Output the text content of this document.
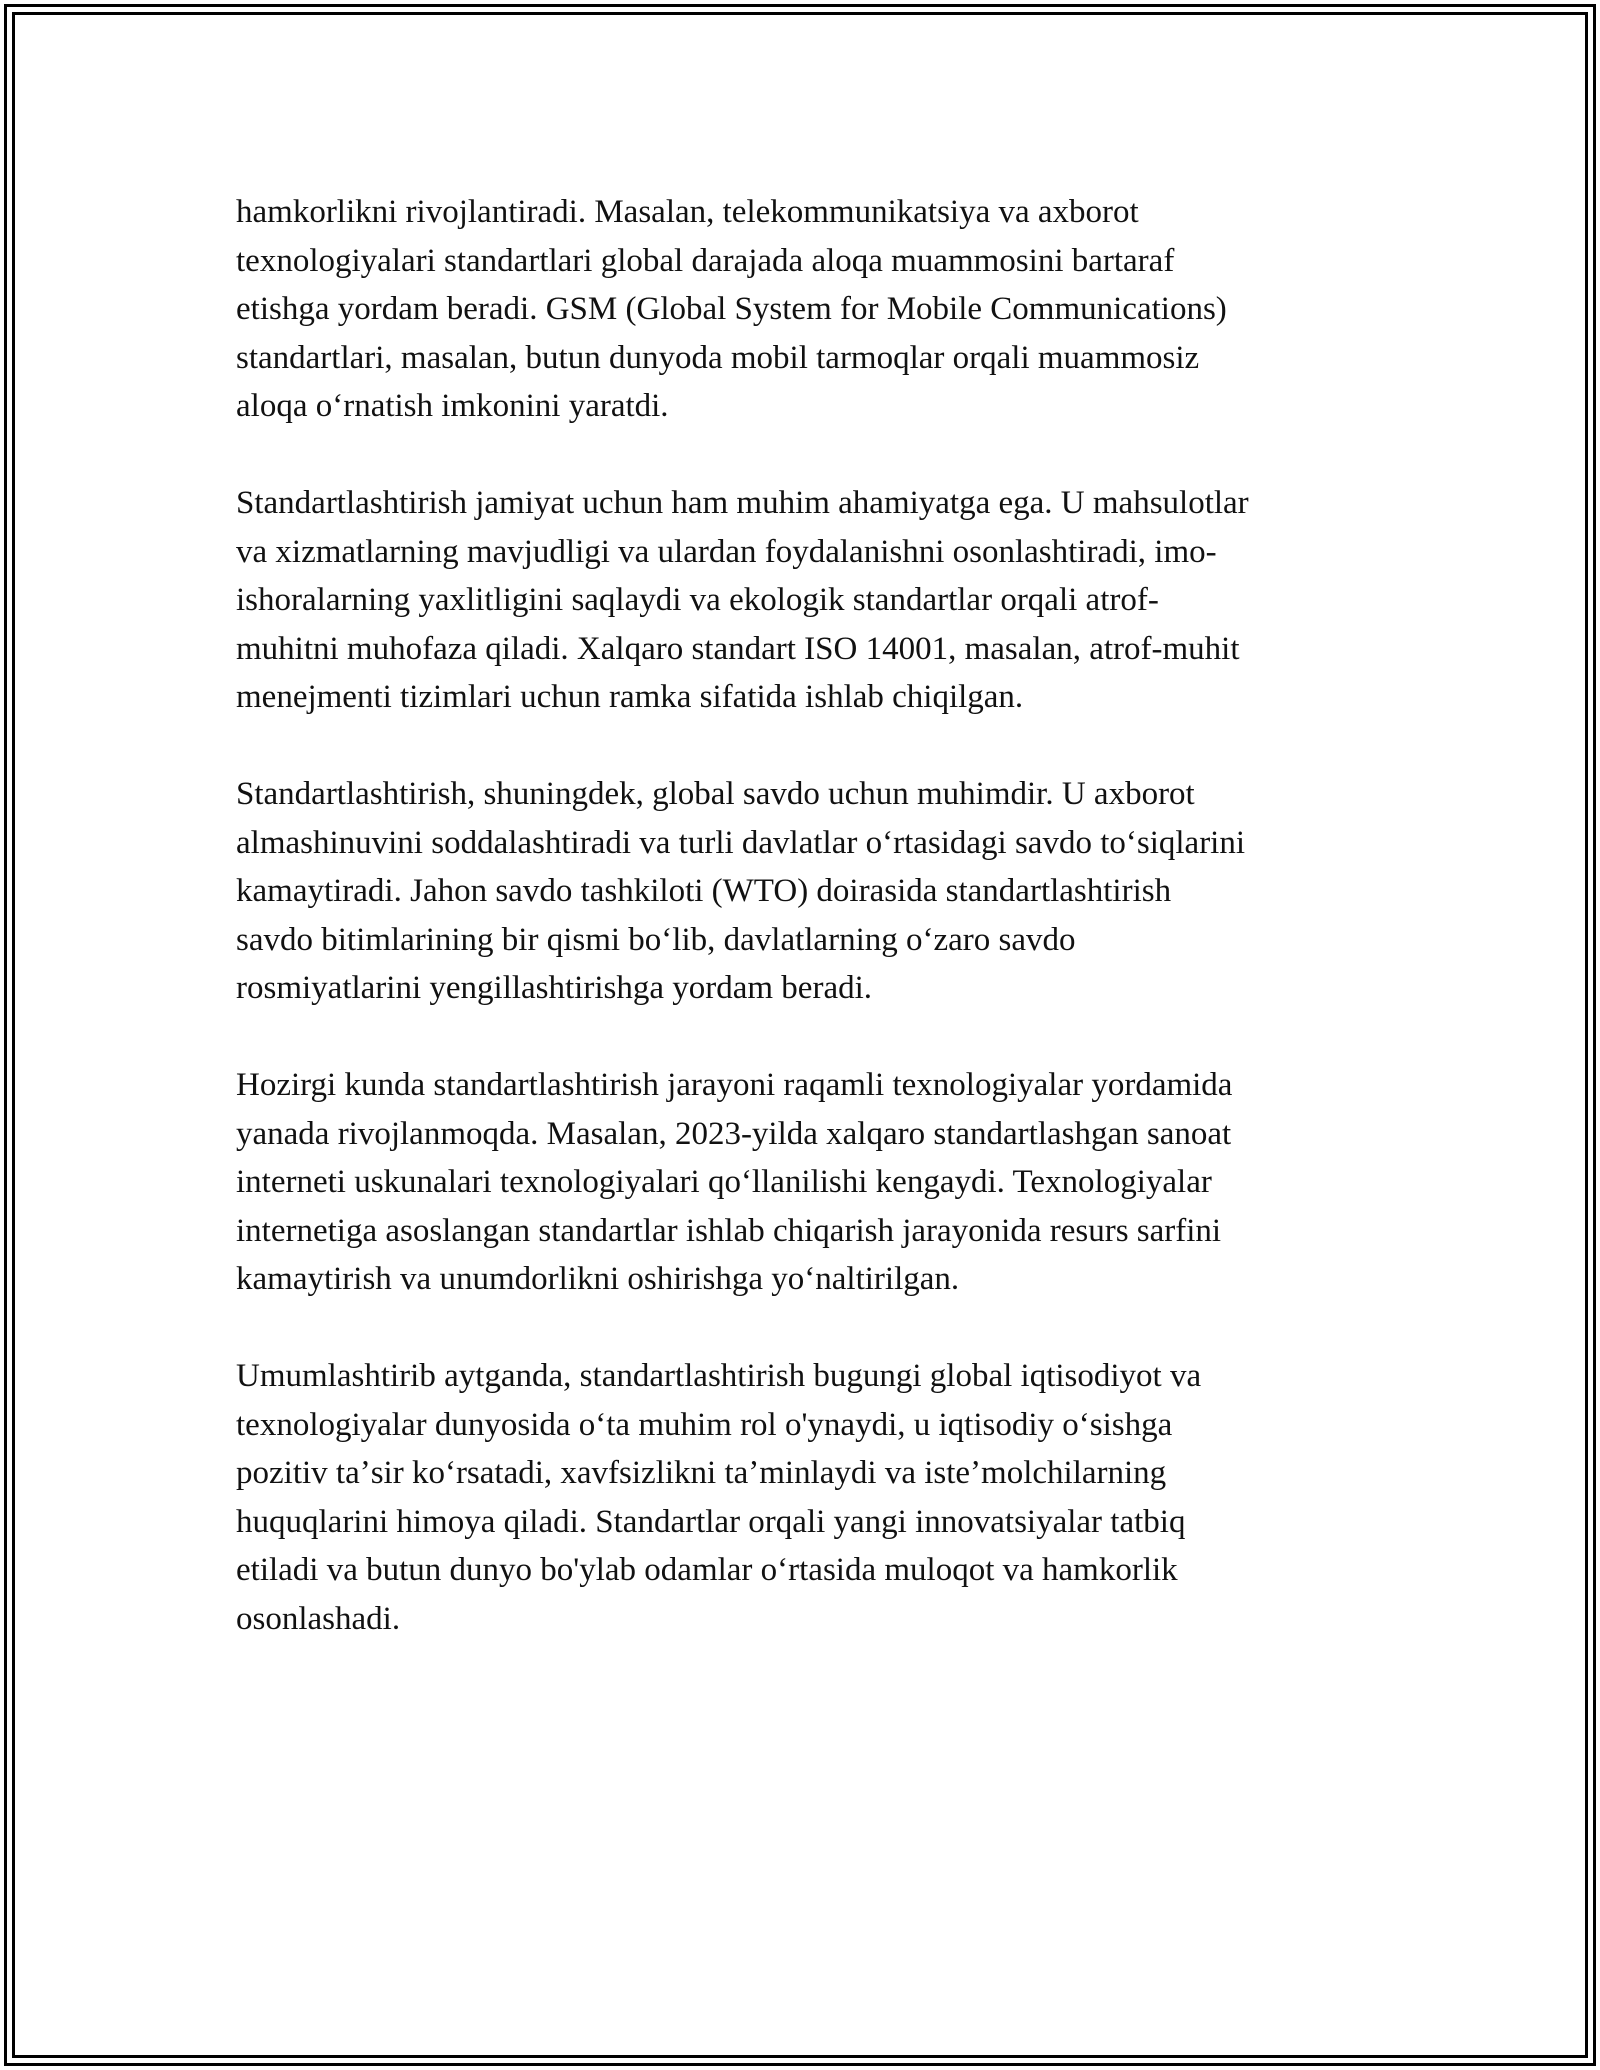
hamkorlikni rivojlantiradi. Masalan, telekommunikatsiya va axborot
texnologiyalari standartlari global darajada aloqa muammosini bartaraf
etishga yordam beradi. GSM (Global System for Mobile Communications)
standartlari, masalan, butun dunyoda mobil tarmoqlar orqali muammosiz
aloqa oʻrnatish imkonini yaratdi.

Standartlashtirish jamiyat uchun ham muhim ahamiyatga ega. U mahsulotlar
va xizmatlarning mavjudligi va ulardan foydalanishni osonlashtiradi, imo-
ishoralarning yaxlitligini saqlaydi va ekologik standartlar orqali atrof-
muhitni muhofaza qiladi. Xalqaro standart ISO 14001, masalan, atrof-muhit
menejmenti tizimlari uchun ramka sifatida ishlab chiqilgan.

Standartlashtirish, shuningdek, global savdo uchun muhimdir. U axborot
almashinuvini soddalashtiradi va turli davlatlar oʻrtasidagi savdo toʻsiqlarini
kamaytiradi. Jahon savdo tashkiloti (WTO) doirasida standartlashtirish
savdo bitimlarining bir qismi boʻlib, davlatlarning oʻzaro savdo
rosmiyatlarini yengillashtirishga yordam beradi.

Hozirgi kunda standartlashtirish jarayoni raqamli texnologiyalar yordamida
yanada rivojlanmoqda. Masalan, 2023-yilda xalqaro standartlashgan sanoat
interneti uskunalari texnologiyalari qoʻllanilishi kengaydi. Texnologiyalar
internetiga asoslangan standartlar ishlab chiqarish jarayonida resurs sarfini
kamaytirish va unumdorlikni oshirishga yoʻnaltirilgan.

Umumlashtirib aytganda, standartlashtirish bugungi global iqtisodiyot va
texnologiyalar dunyosida oʻta muhim rol o'ynaydi, u iqtisodiy oʻsishga
pozitiv taʼsir koʻrsatadi, xavfsizlikni taʼminlaydi va isteʼmolchilarning
huquqlarini himoya qiladi. Standartlar orqali yangi innovatsiyalar tatbiq
etiladi va butun dunyo bo'ylab odamlar oʻrtasida muloqot va hamkorlik
osonlashadi.
